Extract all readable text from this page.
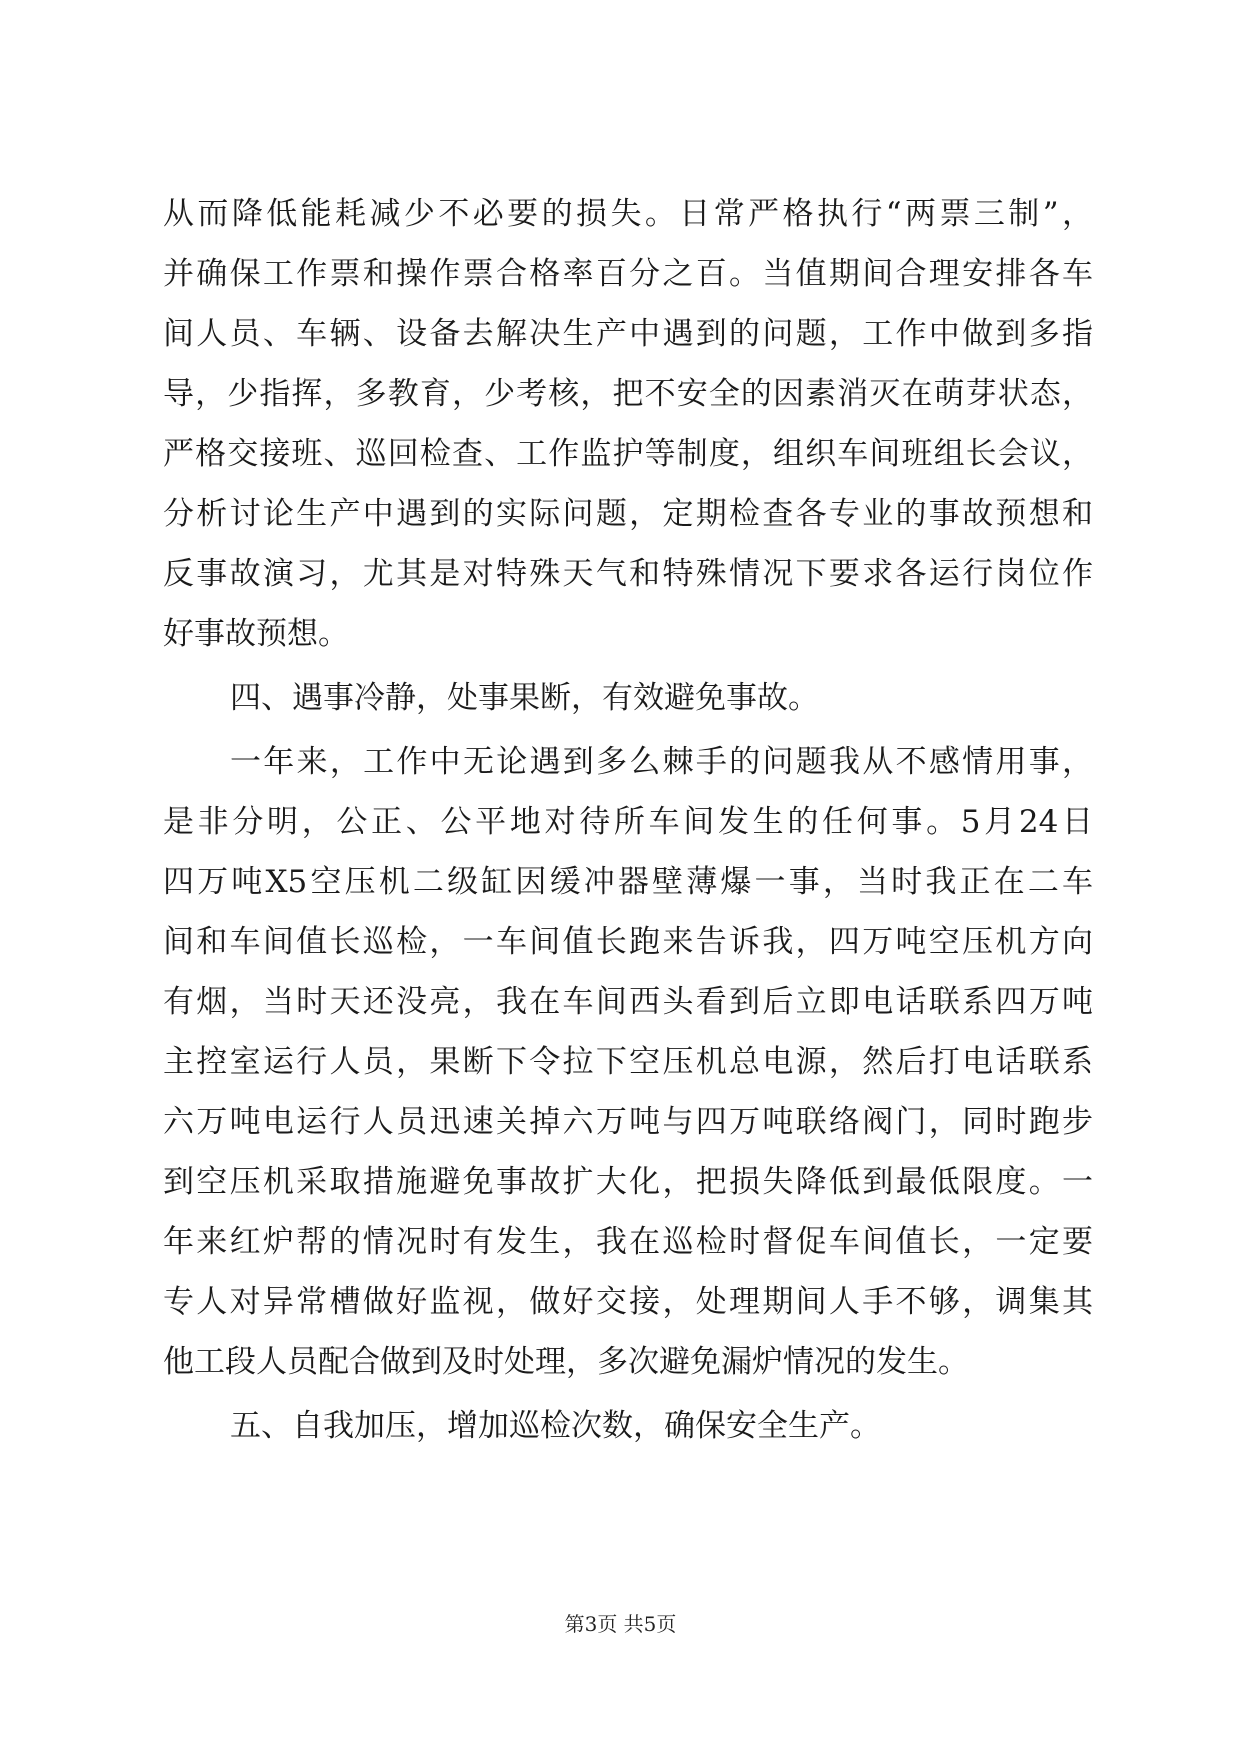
从而降低能耗减少不必要的损失。日常严格执行“两票三制”，
并确保工作票和操作票合格率百分之百。当值期间合理安排各车
间人员、车辆、设备去解决生产中遇到的问题，工作中做到多指
导，少指挥，多教育，少考核，把不安全的因素消灭在萌芽状态，
严格交接班、巡回检查、工作监护等制度，组织车间班组长会议，
分析讨论生产中遇到的实际问题，定期检查各专业的事故预想和
反事故演习，尤其是对特殊天气和特殊情况下要求各运行岗位作
好事故预想。
四、遇事冷静，处事果断，有效避免事故。
一年来，工作中无论遇到多么棘手的问题我从不感情用事，
是非分明，公正、公平地对待所车间发生的任何事。5月24日
四万吨X5空压机二级缸因缓冲器壁薄爆一事，当时我正在二车
间和车间值长巡检，一车间值长跑来告诉我，四万吨空压机方向
有烟，当时天还没亮，我在车间西头看到后立即电话联系四万吨
主控室运行人员，果断下令拉下空压机总电源，然后打电话联系
六万吨电运行人员迅速关掉六万吨与四万吨联络阀门，同时跑步
到空压机采取措施避免事故扩大化，把损失降低到最低限度。一
年来红炉帮的情况时有发生，我在巡检时督促车间值长，一定要
专人对异常槽做好监视，做好交接，处理期间人手不够，调集其
他工段人员配合做到及时处理，多次避免漏炉情况的发生。
五、自我加压，增加巡检次数，确保安全生产。
第3页 共5页
